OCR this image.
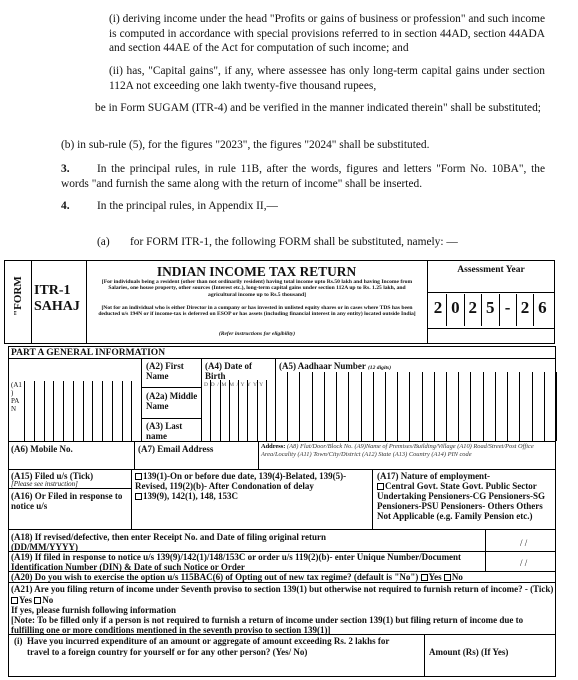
(i) deriving income under the head "Profits or gains of business or profession" and such income is computed in accordance with special provisions referred to in section 44AD, section 44ADA and section 44AE of the Act for computation of such income; and
(ii) has, "Capital gains", if any, where assessee has only long-term capital gains under section 112A not exceeding one lakh twenty-five thousand rupees,
be in Form SUGAM (ITR-4) and be verified in the manner indicated therein" shall be substituted;
(b) in sub-rule (5), for the figures "2023", the figures "2024" shall be substituted.
3.	In the principal rules, in rule 11B, after the words, figures and letters "Form No. 10BA", the words "and furnish the same along with the return of income" shall be inserted.
4. In the principal rules, in Appendix II,—
(a) for FORM ITR-1, the following FORM shall be substituted, namely: —
"FORM ITR-1
SAHAJ
INDIAN INCOME TAX RETURN
[For individuals being a resident (other than not ordinarily resident) having total income upto Rs.50 lakh and having Income from Salaries, one house property, other sources (Interest etc.), long-term capital gains under section 112A up to Rs. 1.25 lakh, and agricultural income up to Rs.5 thousand]
[Not for an individual who is either Director in a company or has invested in unlisted equity shares or in cases where TDS has been deducted u/s 194N or if income-tax is deferred on ESOP or has assets (including financial interest in any entity) located outside India]
(Refer instructions for eligibility)
Assessment Year
2 0 2 5 - 2 6
PART A GENERAL INFORMATION
(A1
)
PA
N
(A2) First Name
(A2a) Middle Name
(A3) Last name
(A4) Date of Birth
D D / M M / Y Y Y Y
(A5) Aadhaar Number (12 digits)
(A6) Mobile No.	(A7) Email Address	Address: (A8) Flat/Door/Block No. (A9)Name of Premises/Building/Village (A10) Road/Street/Post Office Area/Locality (A11) Town/City/District (A12) State (A13) Country (A14) PIN code
(A15) Filed u/s (Tick)
[Please see instruction]
(A16) Or Filed in response to notice u/s
139(1)-On or before due date, 139(4)-Belated, 139(5)-Revised, 119(2)(b)- After Condonation of delay
139(9), 142(1), 148, 153C
(A17) Nature of employment-
Central Govt. State Govt. Public Sector Undertaking Pensioners-CG Pensioners-SG Pensioners-PSU Pensioners- Others Others Not Applicable (e.g. Family Pension etc.)
(A18) If revised/defective, then enter Receipt No. and Date of filing original return (DD/MM/YYYY)	/ /
(A19) If filed in response to notice u/s 139(9)/142(1)/148/153C or order u/s 119(2)(b)- enter Unique Number/Document Identification Number (DIN) & Date of such Notice or Order	/ /
(A20) Do you wish to exercise the option u/s 115BAC(6) of Opting out of new tax regime? (default is "No") Yes No
(A21) Are you filing return of income under Seventh proviso to section 139(1) but otherwise not required to furnish return of income? - (Tick)
Yes No
If yes, please furnish following information
[Note: To be filled only if a person is not required to furnish a return of income under section 139(1) but filing return of income due to fulfilling one or more conditions mentioned in the seventh proviso to section 139(1)]
(i) Have you incurred expenditure of an amount or aggregate of amount exceeding Rs. 2 lakhs for travel to a foreign country for yourself or for any other person? (Yes/ No)	Amount (Rs) (If Yes)
